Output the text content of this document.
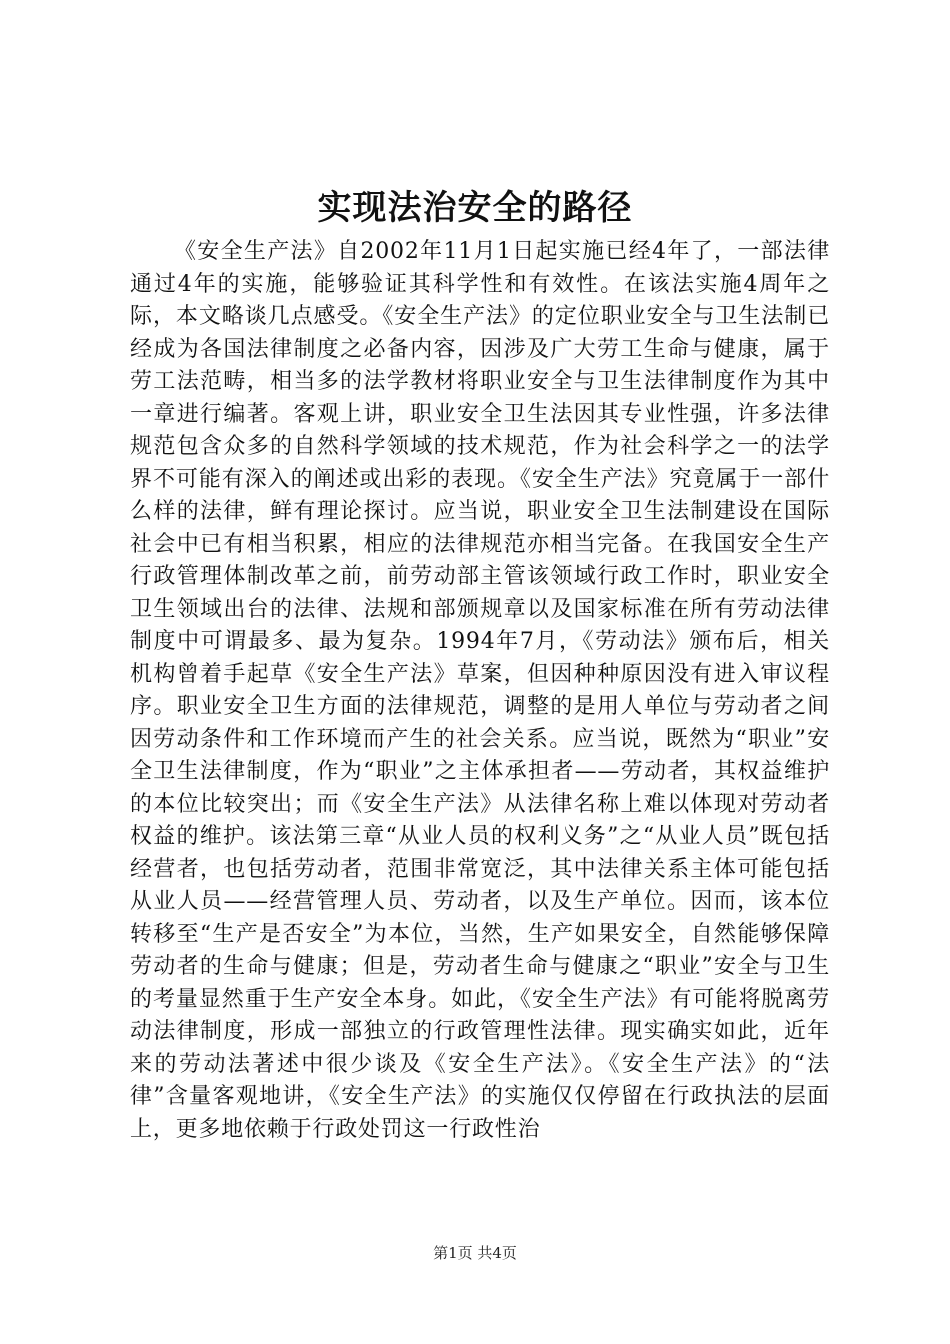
实现法治安全的路径

《安全生产法》自2002年11月1日起实施已经4年了，一部法律通过4年的实施，能够验证其科学性和有效性。在该法实施4周年之际，本文略谈几点感受。《安全生产法》的定位职业安全与卫生法制已经成为各国法律制度之必备内容，因涉及广大劳工生命与健康，属于劳工法范畴，相当多的法学教材将职业安全与卫生法律制度作为其中一章进行编著。客观上讲，职业安全卫生法因其专业性强，许多法律规范包含众多的自然科学领域的技术规范，作为社会科学之一的法学界不可能有深入的阐述或出彩的表现。《安全生产法》究竟属于一部什么样的法律，鲜有理论探讨。应当说，职业安全卫生法制建设在国际社会中已有相当积累，相应的法律规范亦相当完备。在我国安全生产行政管理体制改革之前，前劳动部主管该领域行政工作时，职业安全卫生领域出台的法律、法规和部颁规章以及国家标准在所有劳动法律制度中可谓最多、最为复杂。1994年7月，《劳动法》颁布后，相关机构曾着手起草《安全生产法》草案，但因种种原因没有进入审议程序。职业安全卫生方面的法律规范，调整的是用人单位与劳动者之间因劳动条件和工作环境而产生的社会关系。应当说，既然为“职业”安全卫生法律制度，作为“职业”之主体承担者——劳动者，其权益维护的本位比较突出；而《安全生产法》从法律名称上难以体现对劳动者权益的维护。该法第三章“从业人员的权利义务”之“从业人员”既包括经营者，也包括劳动者，范围非常宽泛，其中法律关系主体可能包括从业人员——经营管理人员、劳动者，以及生产单位。因而，该本位转移至“生产是否安全”为本位，当然，生产如果安全，自然能够保障劳动者的生命与健康；但是，劳动者生命与健康之“职业”安全与卫生的考量显然重于生产安全本身。如此，《安全生产法》有可能将脱离劳动法律制度，形成一部独立的行政管理性法律。现实确实如此，近年来的劳动法著述中很少谈及《安全生产法》。《安全生产法》的“法律”含量客观地讲，《安全生产法》的实施仅仅停留在行政执法的层面上，更多地依赖于行政处罚这一行政性治

第1页 共4页
